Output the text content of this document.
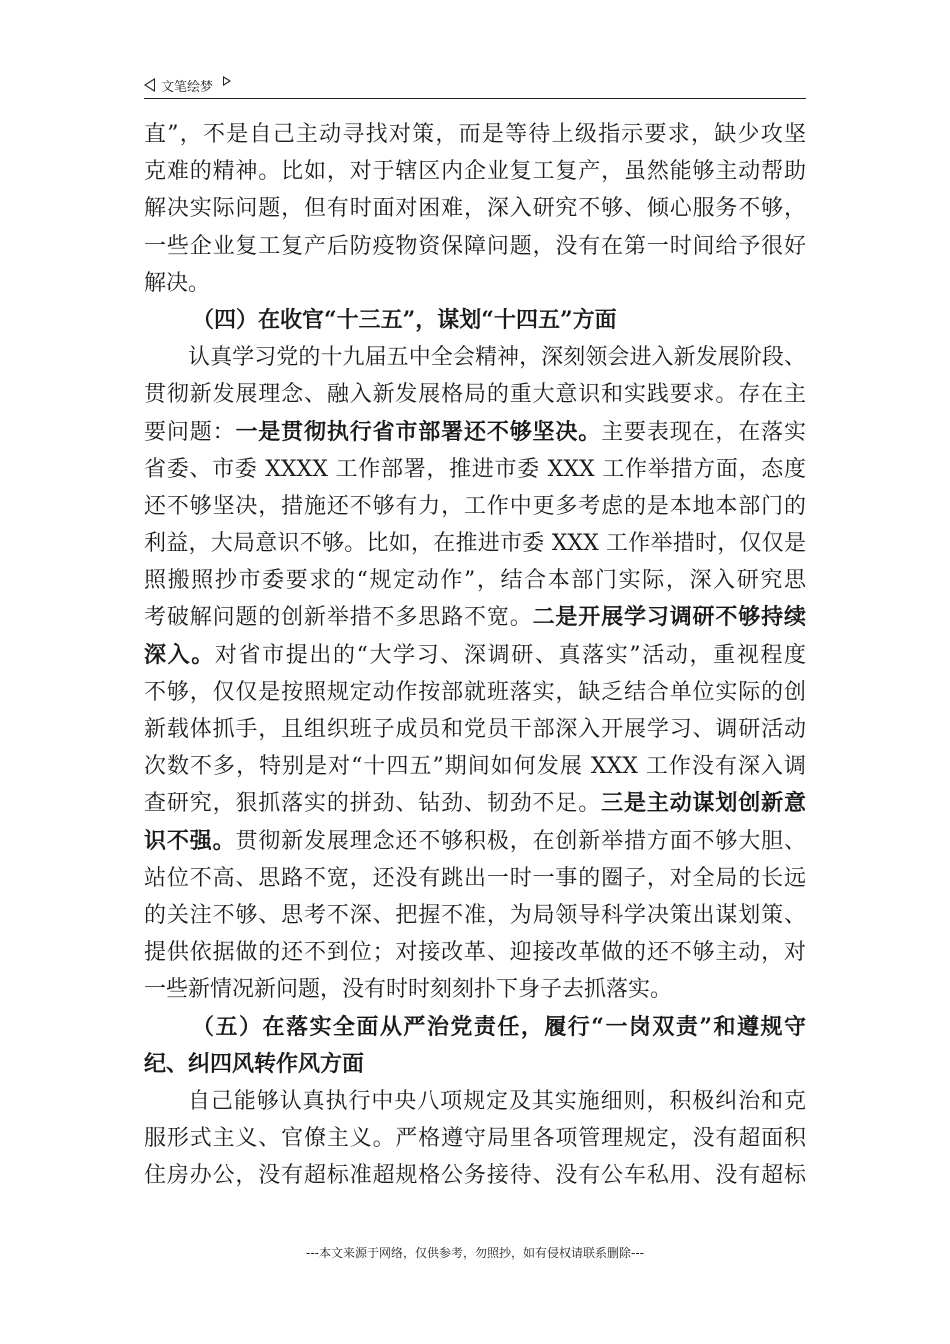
文笔绘梦
直”，不是自己主动寻找对策，而是等待上级指示要求，缺少攻坚
克难的精神。比如，对于辖区内企业复工复产，虽然能够主动帮助
解决实际问题，但有时面对困难，深入研究不够、倾心服务不够，
一些企业复工复产后防疫物资保障问题，没有在第一时间给予很好
解决。
（四）在收官“十三五”，谋划“十四五”方面
认真学习党的十九届五中全会精神，深刻领会进入新发展阶段、
贯彻新发展理念、融入新发展格局的重大意识和实践要求。存在主
要问题：一是贯彻执行省市部署还不够坚决。主要表现在，在落实
省委、市委 XXXX 工作部署，推进市委 XXX 工作举措方面，态度
还不够坚决，措施还不够有力，工作中更多考虑的是本地本部门的
利益，大局意识不够。比如，在推进市委 XXX 工作举措时，仅仅是
照搬照抄市委要求的“规定动作”，结合本部门实际，深入研究思
考破解问题的创新举措不多思路不宽。二是开展学习调研不够持续
深入。对省市提出的“大学习、深调研、真落实”活动，重视程度
不够，仅仅是按照规定动作按部就班落实，缺乏结合单位实际的创
新载体抓手，且组织班子成员和党员干部深入开展学习、调研活动
次数不多，特别是对“十四五”期间如何发展 XXX 工作没有深入调
查研究，狠抓落实的拼劲、钻劲、韧劲不足。三是主动谋划创新意
识不强。贯彻新发展理念还不够积极，在创新举措方面不够大胆、
站位不高、思路不宽，还没有跳出一时一事的圈子，对全局的长远
的关注不够、思考不深、把握不准，为局领导科学决策出谋划策、
提供依据做的还不到位；对接改革、迎接改革做的还不够主动，对
一些新情况新问题，没有时时刻刻扑下身子去抓落实。
（五）在落实全面从严治党责任，履行“一岗双责”和遵规守
纪、纠四风转作风方面
自己能够认真执行中央八项规定及其实施细则，积极纠治和克
服形式主义、官僚主义。严格遵守局里各项管理规定，没有超面积
住房办公，没有超标准超规格公务接待、没有公车私用、没有超标
---本文来源于网络，仅供参考，勿照抄，如有侵权请联系删除---
